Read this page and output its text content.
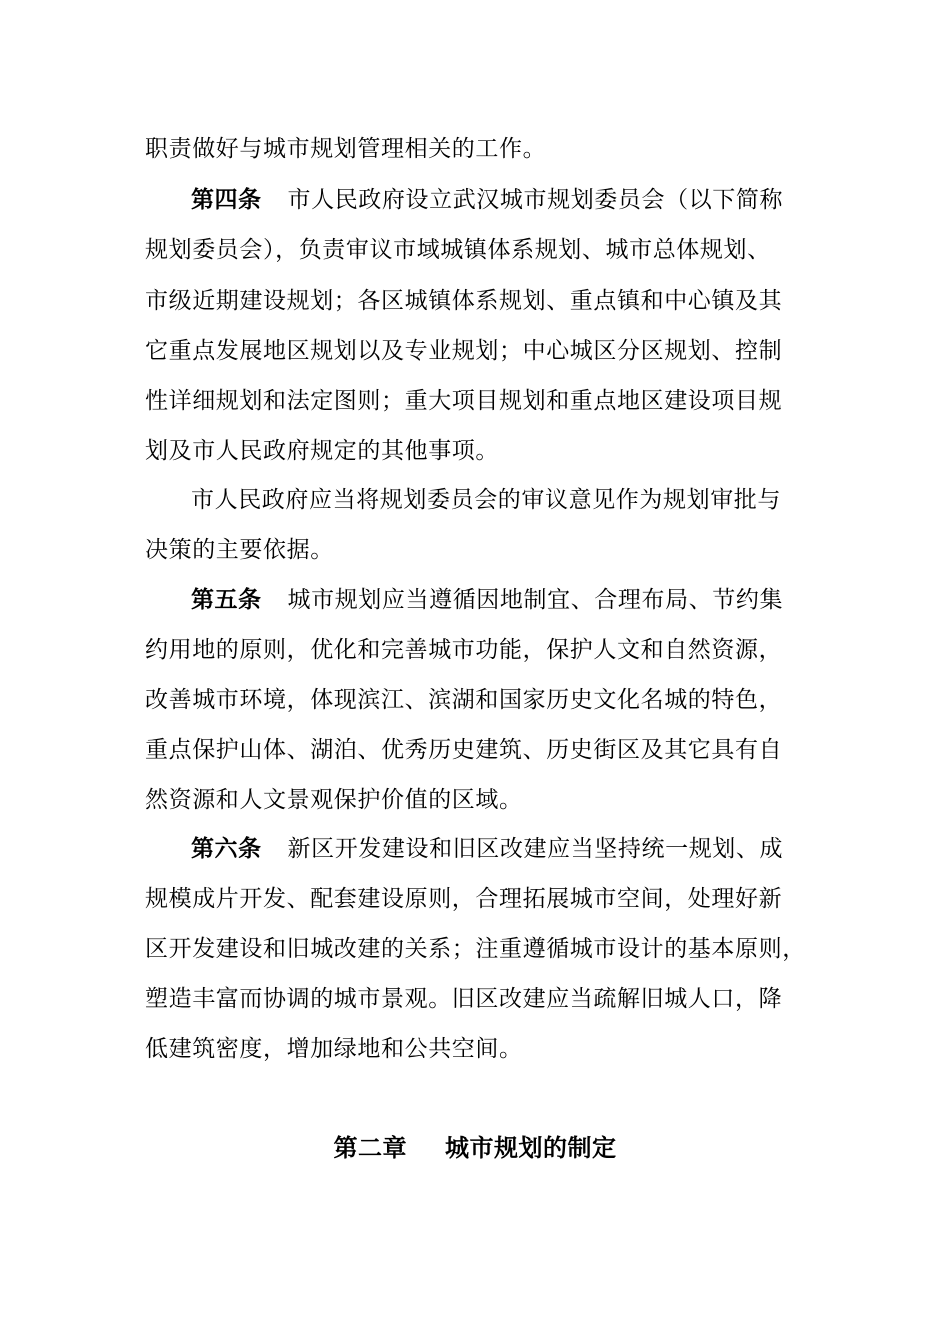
职责做好与城市规划管理相关的工作。
第四条 市人民政府设立武汉城市规划委员会（以下简称
规划委员会），负责审议市域城镇体系规划、城市总体规划、
市级近期建设规划；各区城镇体系规划、重点镇和中心镇及其
它重点发展地区规划以及专业规划；中心城区分区规划、控制
性详细规划和法定图则；重大项目规划和重点地区建设项目规
划及市人民政府规定的其他事项。
市人民政府应当将规划委员会的审议意见作为规划审批与
决策的主要依据。
第五条 城市规划应当遵循因地制宜、合理布局、节约集
约用地的原则，优化和完善城市功能，保护人文和自然资源，
改善城市环境，体现滨江、滨湖和国家历史文化名城的特色，
重点保护山体、湖泊、优秀历史建筑、历史街区及其它具有自
然资源和人文景观保护价值的区域。
第六条 新区开发建设和旧区改建应当坚持统一规划、成
规模成片开发、配套建设原则，合理拓展城市空间，处理好新
区开发建设和旧城改建的关系；注重遵循城市设计的基本原则，
塑造丰富而协调的城市景观。旧区改建应当疏解旧城人口，降
低建筑密度，增加绿地和公共空间。
第二章 城市规划的制定
